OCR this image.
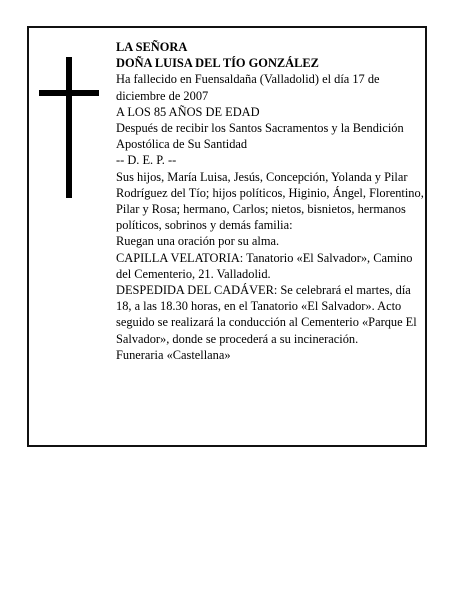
LA SEÑORA

DOÑA LUISA DEL TÍO GONZÁLEZ

Ha fallecido en Fuensaldaña (Valladolid) el día 17 de diciembre de 2007

A LOS 85 AÑOS DE EDAD

Después de recibir los Santos Sacramentos y la Bendición Apostólica de Su Santidad

-- D. E. P. --

Sus hijos, María Luisa, Jesús, Concepción, Yolanda y Pilar Rodríguez del Tío; hijos políticos, Higinio, Ángel, Florentino, Pilar y Rosa; hermano, Carlos; nietos, bisnietos, hermanos políticos, sobrinos y demás familia:

Ruegan una oración por su alma.

CAPILLA VELATORIA: Tanatorio «El Salvador», Camino del Cementerio, 21. Valladolid.

DESPEDIDA DEL CADÁVER: Se celebrará el martes, día 18, a las 18.30 horas, en el Tanatorio «El Salvador». Acto seguido se realizará la conducción al Cementerio «Parque El Salvador», donde se procederá a su incineración.

Funeraria «Castellana»
